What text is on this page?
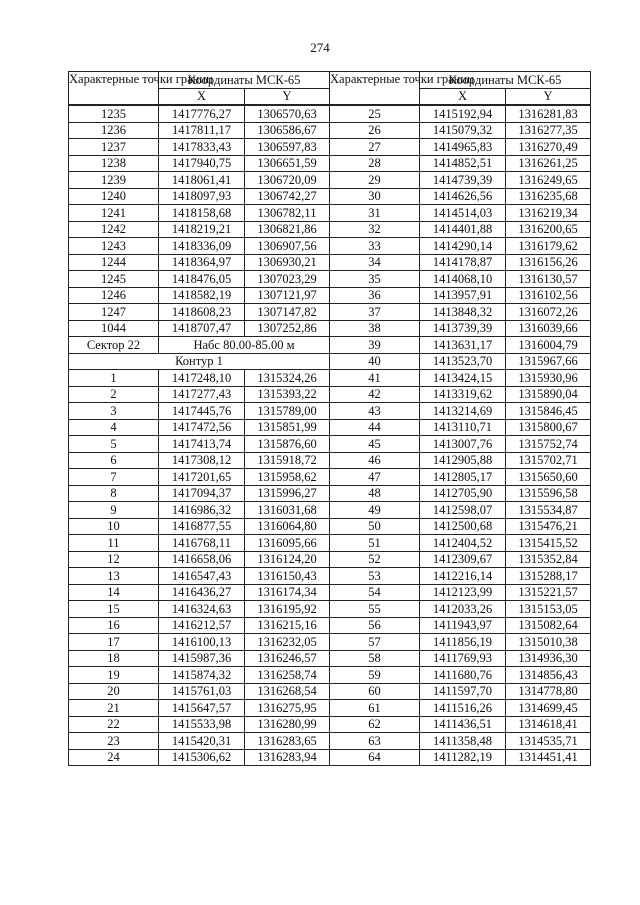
274
Характерные точки границ	Координаты МСК-65		Характерные точки границ	Координаты МСК-65	
	X	Y		X	Y
1235	1417776,27	1306570,63	25	1415192,94	1316281,83
1236	1417811,17	1306586,67	26	1415079,32	1316277,35
1237	1417833,43	1306597,83	27	1414965,83	1316270,49
1238	1417940,75	1306651,59	28	1414852,51	1316261,25
1239	1418061,41	1306720,09	29	1414739,39	1316249,65
1240	1418097,93	1306742,27	30	1414626,56	1316235,68
1241	1418158,68	1306782,11	31	1414514,03	1316219,34
1242	1418219,21	1306821,86	32	1414401,88	1316200,65
1243	1418336,09	1306907,56	33	1414290,14	1316179,62
1244	1418364,97	1306930,21	34	1414178,87	1316156,26
1245	1418476,05	1307023,29	35	1414068,10	1316130,57
1246	1418582,19	1307121,97	36	1413957,91	1316102,56
1247	1418608,23	1307147,82	37	1413848,32	1316072,26
1044	1418707,47	1307252,86	38	1413739,39	1316039,66
Сектор 22	Набс 80.00-85.00 м		39	1413631,17	1316004,79
Контур 1			40	1413523,70	1315967,66
1	1417248,10	1315324,26	41	1413424,15	1315930,96
2	1417277,43	1315393,22	42	1413319,62	1315890,04
3	1417445,76	1315789,00	43	1413214,69	1315846,45
4	1417472,56	1315851,99	44	1413110,71	1315800,67
5	1417413,74	1315876,60	45	1413007,76	1315752,74
6	1417308,12	1315918,72	46	1412905,88	1315702,71
7	1417201,65	1315958,62	47	1412805,17	1315650,60
8	1417094,37	1315996,27	48	1412705,90	1315596,58
9	1416986,32	1316031,68	49	1412598,07	1315534,87
10	1416877,55	1316064,80	50	1412500,68	1315476,21
11	1416768,11	1316095,66	51	1412404,52	1315415,52
12	1416658,06	1316124,20	52	1412309,67	1315352,84
13	1416547,43	1316150,43	53	1412216,14	1315288,17
14	1416436,27	1316174,34	54	1412123,99	1315221,57
15	1416324,63	1316195,92	55	1412033,26	1315153,05
16	1416212,57	1316215,16	56	1411943,97	1315082,64
17	1416100,13	1316232,05	57	1411856,19	1315010,38
18	1415987,36	1316246,57	58	1411769,93	1314936,30
19	1415874,32	1316258,74	59	1411680,76	1314856,43
20	1415761,03	1316268,54	60	1411597,70	1314778,80
21	1415647,57	1316275,95	61	1411516,26	1314699,45
22	1415533,98	1316280,99	62	1411436,51	1314618,41
23	1415420,31	1316283,65	63	1411358,48	1314535,71
24	1415306,62	1316283,94	64	1411282,19	1314451,41
